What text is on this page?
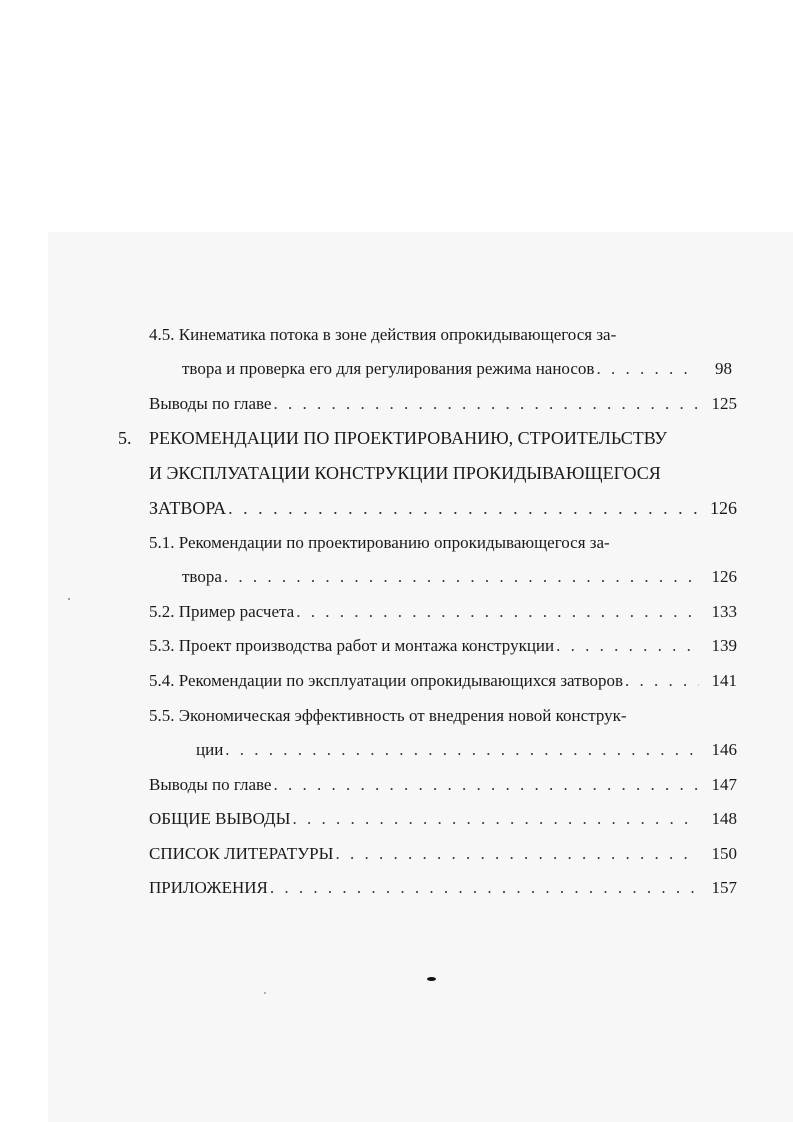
4.5. Кинематика потока в зоне действия опрокидывающегося за-
твора и проверка его для регулирования режима наносов . . .	98
Выводы по главе . . .	125
5. РЕКОМЕНДАЦИИ ПО ПРОЕКТИРОВАНИЮ, СТРОИТЕЛЬСТВУ
И ЭКСПЛУАТАЦИИ КОНСТРУКЦИИ ПРОКИДЫВАЮЩЕГОСЯ
ЗАТВОРА . . .	126
5.1. Рекомендации по проектированию опрокидывающегося за-
твора . . .	126
5.2. Пример расчета . . .	133
5.3. Проект производства работ и монтажа конструкции . . .	139
5.4. Рекомендации по эксплуатации опрокидывающихся затворов . . .	141
5.5. Экономическая эффективность от внедрения новой конструк-
ции . . .	146
Выводы по главе . . .	147
ОБЩИЕ ВЫВОДЫ . . .	148
СПИСОК ЛИТЕРАТУРЫ . . .	150
ПРИЛОЖЕНИЯ . . .	157
